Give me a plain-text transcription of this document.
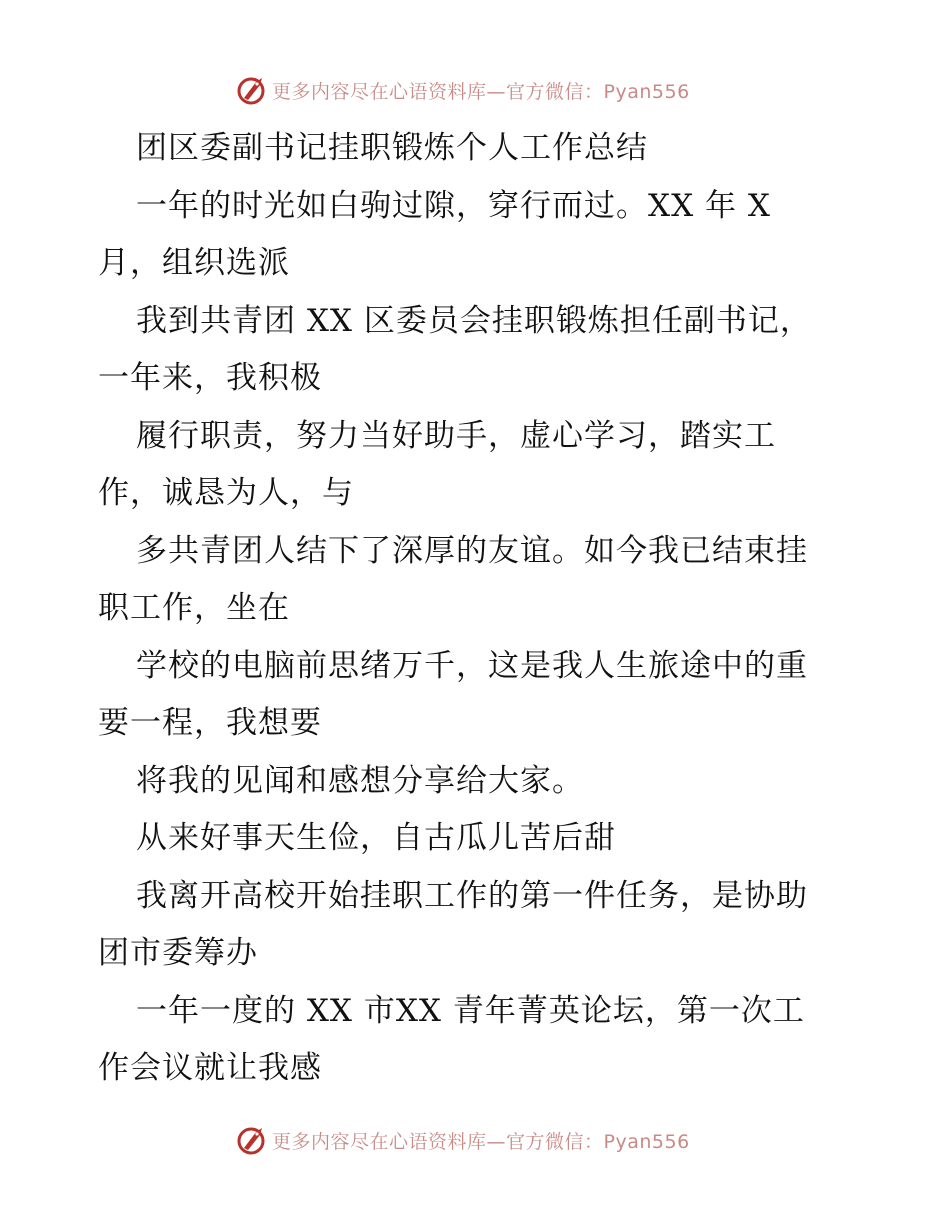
更多内容尽在心语资料库—官方微信：Pyan556
团区委副书记挂职锻炼个人工作总结
一年的时光如白驹过隙，穿行而过。XX 年 X
月，组织选派
我到共青团 XX 区委员会挂职锻炼担任副书记，
一年来，我积极
履行职责，努力当好助手，虚心学习，踏实工
作，诚恳为人，与
多共青团人结下了深厚的友谊。如今我已结束挂
职工作，坐在
学校的电脑前思绪万千，这是我人生旅途中的重
要一程，我想要
将我的见闻和感想分享给大家。
从来好事天生俭，自古瓜儿苦后甜
我离开高校开始挂职工作的第一件任务，是协助
团市委筹办
一年一度的 XX 市XX 青年菁英论坛，第一次工
作会议就让我感
更多内容尽在心语资料库—官方微信：Pyan556
